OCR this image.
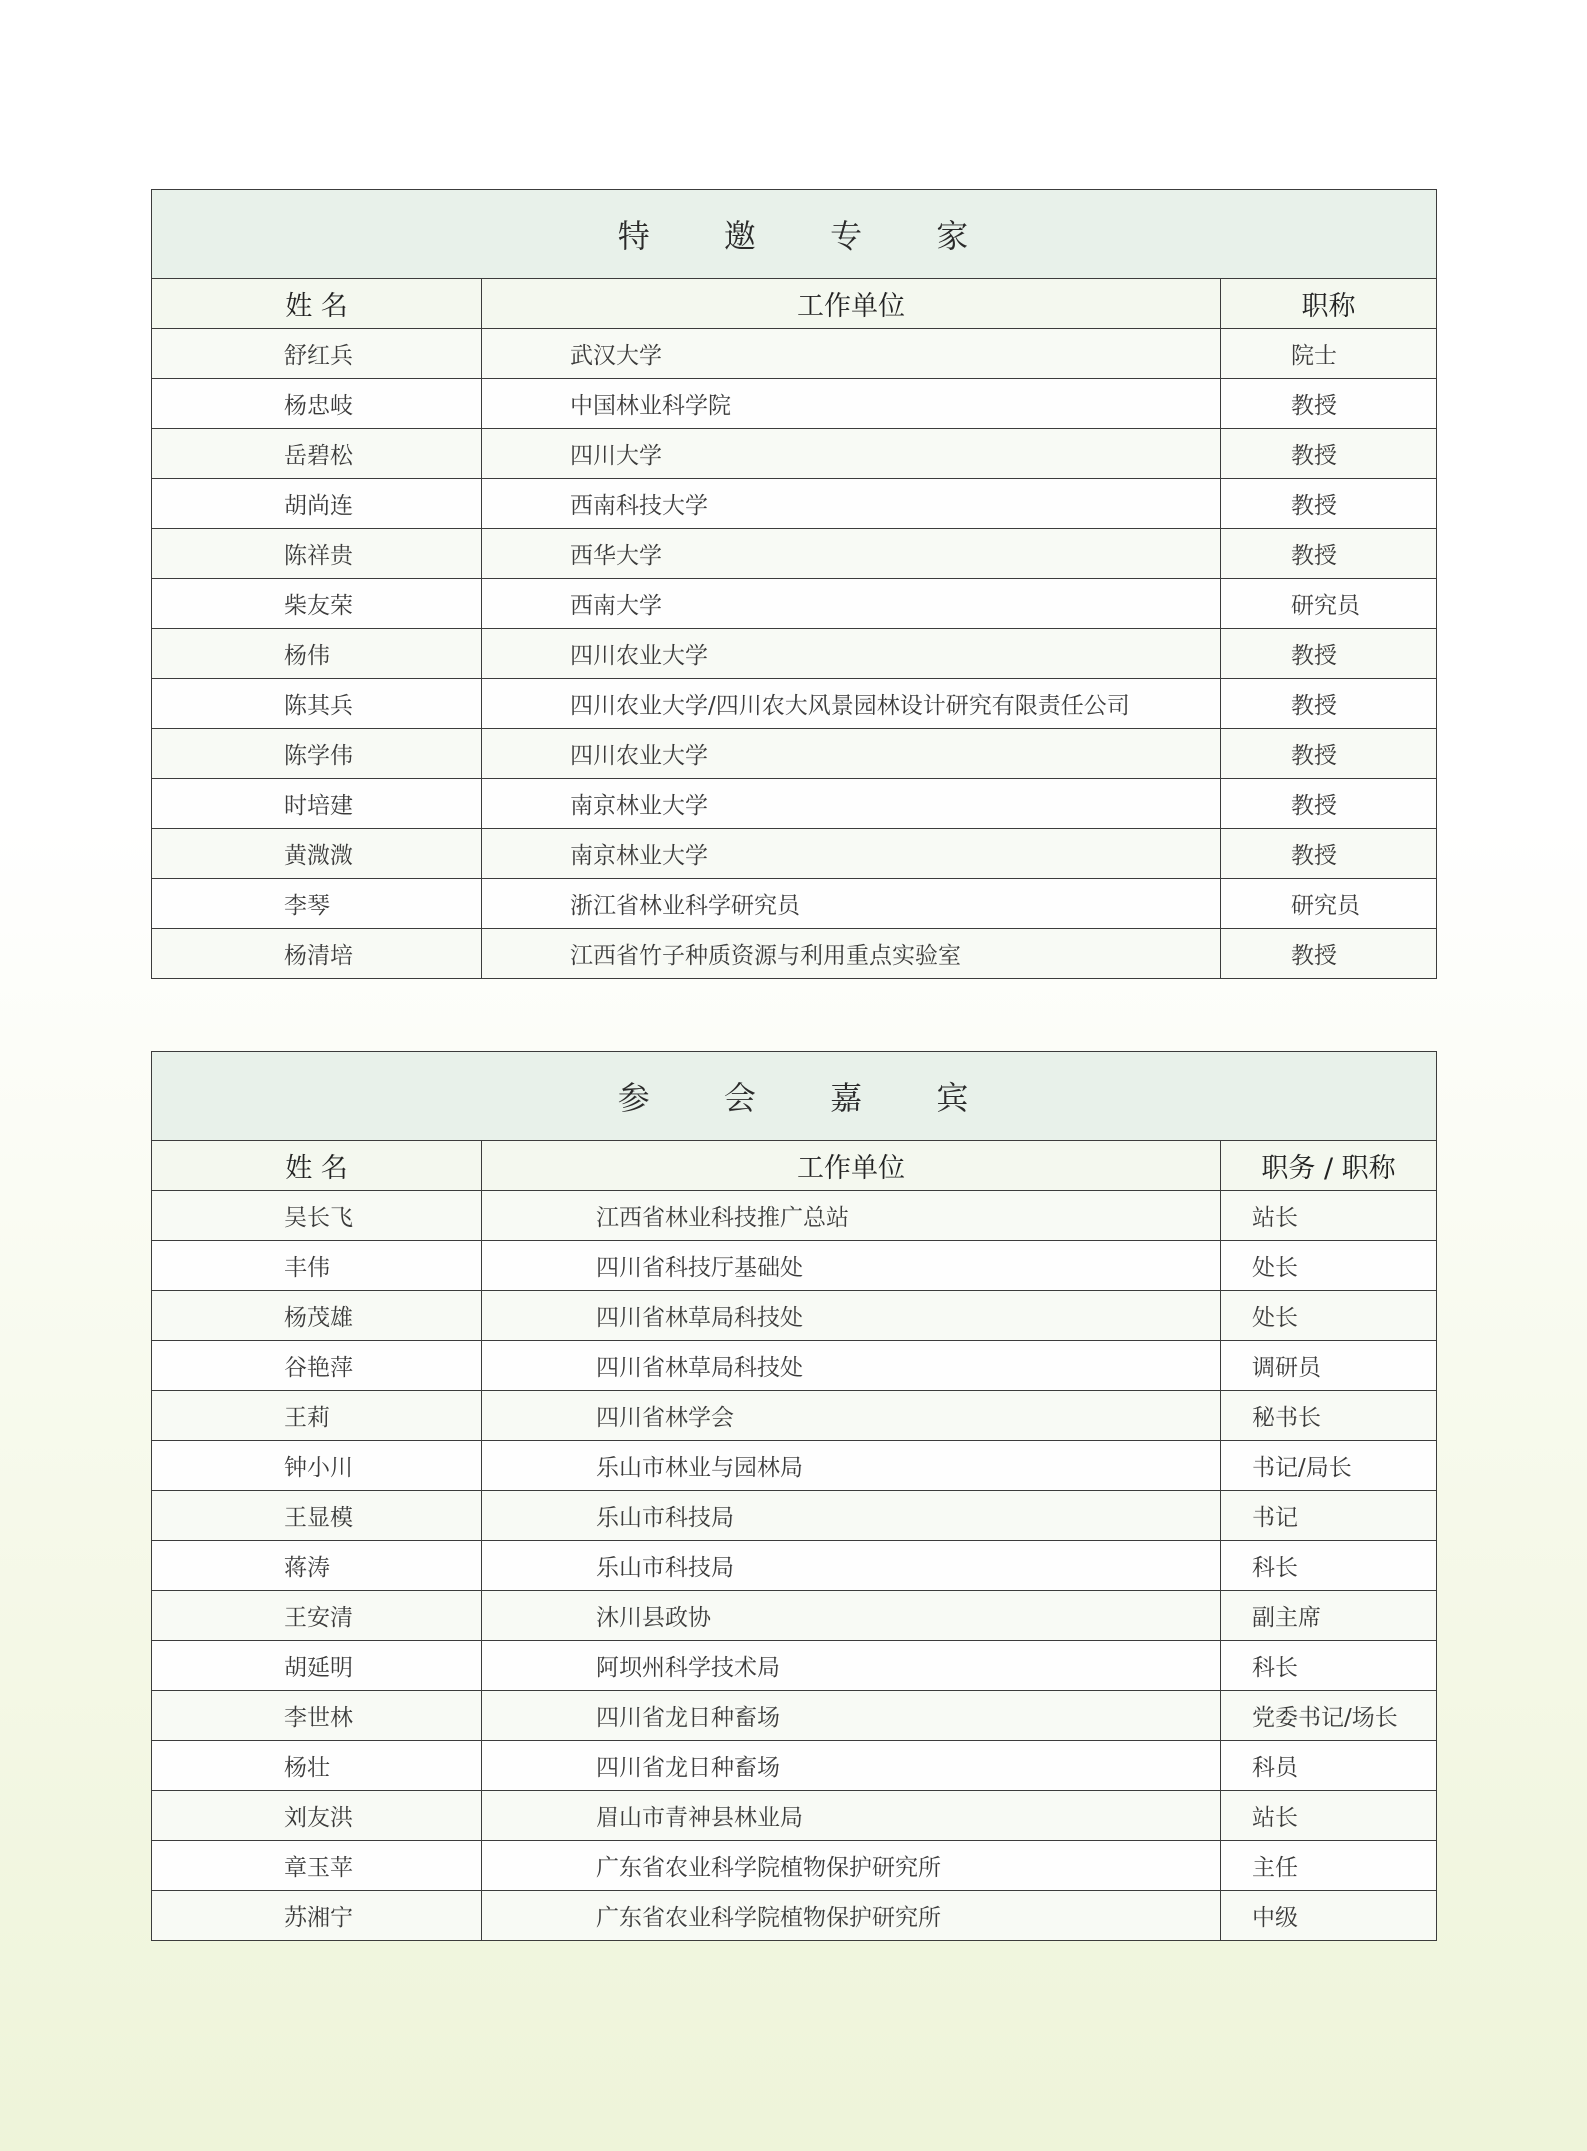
特 邀 专 家		
姓 名	工作单位	职称
舒红兵	武汉大学	院士
杨忠岐	中国林业科学院	教授
岳碧松	四川大学	教授
胡尚连	西南科技大学	教授
陈祥贵	西华大学	教授
柴友荣	西南大学	研究员
杨伟	四川农业大学	教授
陈其兵	四川农业大学/四川农大风景园林设计研究有限责任公司	教授
陈学伟	四川农业大学	教授
时培建	南京林业大学	教授
黄溦溦	南京林业大学	教授
李琴	浙江省林业科学研究员	研究员
杨清培	江西省竹子种质资源与利用重点实验室	教授
参 会 嘉 宾		
姓 名	工作单位	职务 / 职称
吴长飞	江西省林业科技推广总站	站长
丰伟	四川省科技厅基础处	处长
杨茂雄	四川省林草局科技处	处长
谷艳萍	四川省林草局科技处	调研员
王莉	四川省林学会	秘书长
钟小川	乐山市林业与园林局	书记/局长
王显模	乐山市科技局	书记
蒋涛	乐山市科技局	科长
王安清	沐川县政协	副主席
胡延明	阿坝州科学技术局	科长
李世林	四川省龙日种畜场	党委书记/场长
杨壮	四川省龙日种畜场	科员
刘友洪	眉山市青神县林业局	站长
章玉苹	广东省农业科学院植物保护研究所	主任
苏湘宁	广东省农业科学院植物保护研究所	中级
